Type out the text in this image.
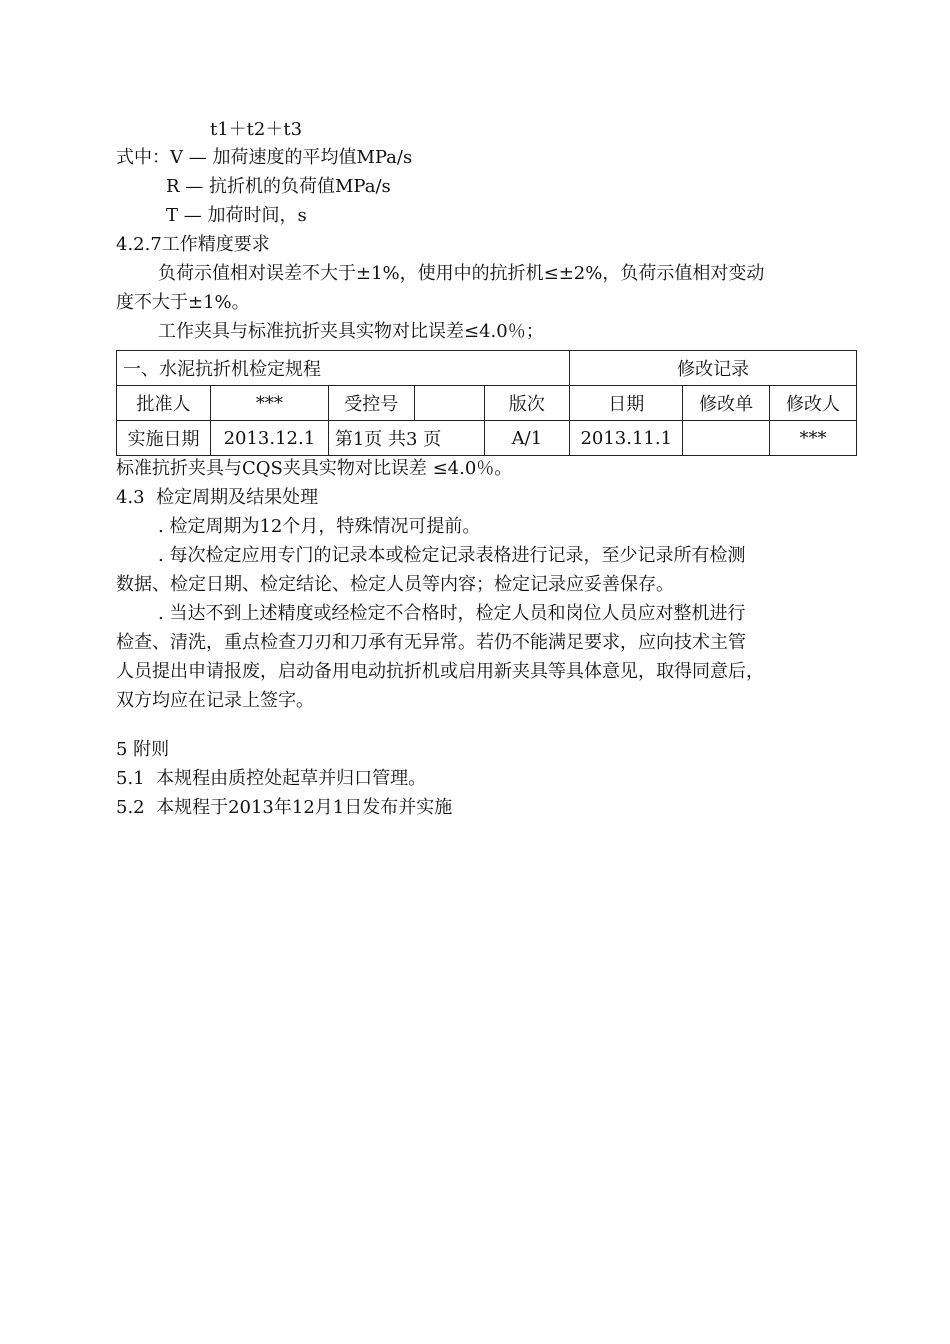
t1＋t2＋t3
式中：V — 加荷速度的平均值MPa/s
R — 抗折机的负荷值MPa/s
T — 加荷时间，s
4.2.7工作精度要求
负荷示值相对误差不大于±1%，使用中的抗折机≤±2%，负荷示值相对变动
度不大于±1%。
工作夹具与标准抗折夹具实物对比误差≤4.0％；
一、水泥抗折机检定规程					修改记录		
批准人	***	受控号		版次	日期	修改单	修改人
实施日期	2013.12.1	第1页 共3 页		A/1	2013.11.1		***
标准抗折夹具与CQS夹具实物对比误差 ≤4.0％。
4.3  检定周期及结果处理
. 检定周期为12个月，特殊情况可提前。
. 每次检定应用专门的记录本或检定记录表格进行记录，至少记录所有检测
数据、检定日期、检定结论、检定人员等内容；检定记录应妥善保存。
. 当达不到上述精度或经检定不合格时，检定人员和岗位人员应对整机进行
检查、清洗，重点检查刀刃和刀承有无异常。若仍不能满足要求，应向技术主管
人员提出申请报废，启动备用电动抗折机或启用新夹具等具体意见，取得同意后，
双方均应在记录上签字。
5 附则
5.1  本规程由质控处起草并归口管理。
5.2  本规程于2013年12月1日发布并实施
